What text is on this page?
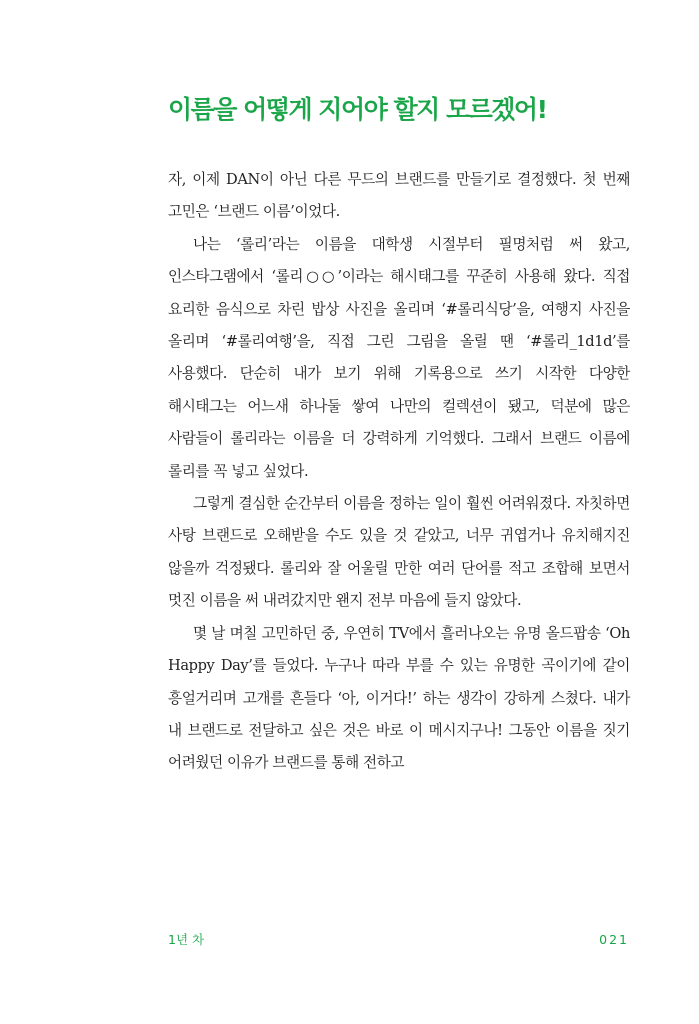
이름을 어떻게 지어야 할지 모르겠어!

자, 이제 DAN이 아닌 다른 무드의 브랜드를 만들기로 결정했다. 첫 번째 고민은 ‘브랜드 이름’이었다.

나는 ‘롤리’라는 이름을 대학생 시절부터 필명처럼 써 왔고, 인스타그램에서 ‘롤리○○’이라는 해시태그를 꾸준히 사용해 왔다. 직접 요리한 음식으로 차린 밥상 사진을 올리며 ‘#롤리식당’을, 여행지 사진을 올리며 ‘#롤리여행’을, 직접 그린 그림을 올릴 땐 ‘#롤리_1d1d’를 사용했다. 단순히 내가 보기 위해 기록용으로 쓰기 시작한 다양한 해시태그는 어느새 하나둘 쌓여 나만의 컬렉션이 됐고, 덕분에 많은 사람들이 롤리라는 이름을 더 강력하게 기억했다. 그래서 브랜드 이름에 롤리를 꼭 넣고 싶었다.

그렇게 결심한 순간부터 이름을 정하는 일이 훨씬 어려워졌다. 자칫하면 사탕 브랜드로 오해받을 수도 있을 것 같았고, 너무 귀엽거나 유치해지진 않을까 걱정됐다. 롤리와 잘 어울릴 만한 여러 단어를 적고 조합해 보면서 멋진 이름을 써 내려갔지만 왠지 전부 마음에 들지 않았다.

몇 날 며칠 고민하던 중, 우연히 TV에서 흘러나오는 유명 올드팝송 ‘Oh Happy Day’를 들었다. 누구나 따라 부를 수 있는 유명한 곡이기에 같이 흥얼거리며 고개를 흔들다 ‘아, 이거다!’ 하는 생각이 강하게 스쳤다. 내가 내 브랜드로 전달하고 싶은 것은 바로 이 메시지구나! 그동안 이름을 짓기 어려웠던 이유가 브랜드를 통해 전하고

1년 차	021
